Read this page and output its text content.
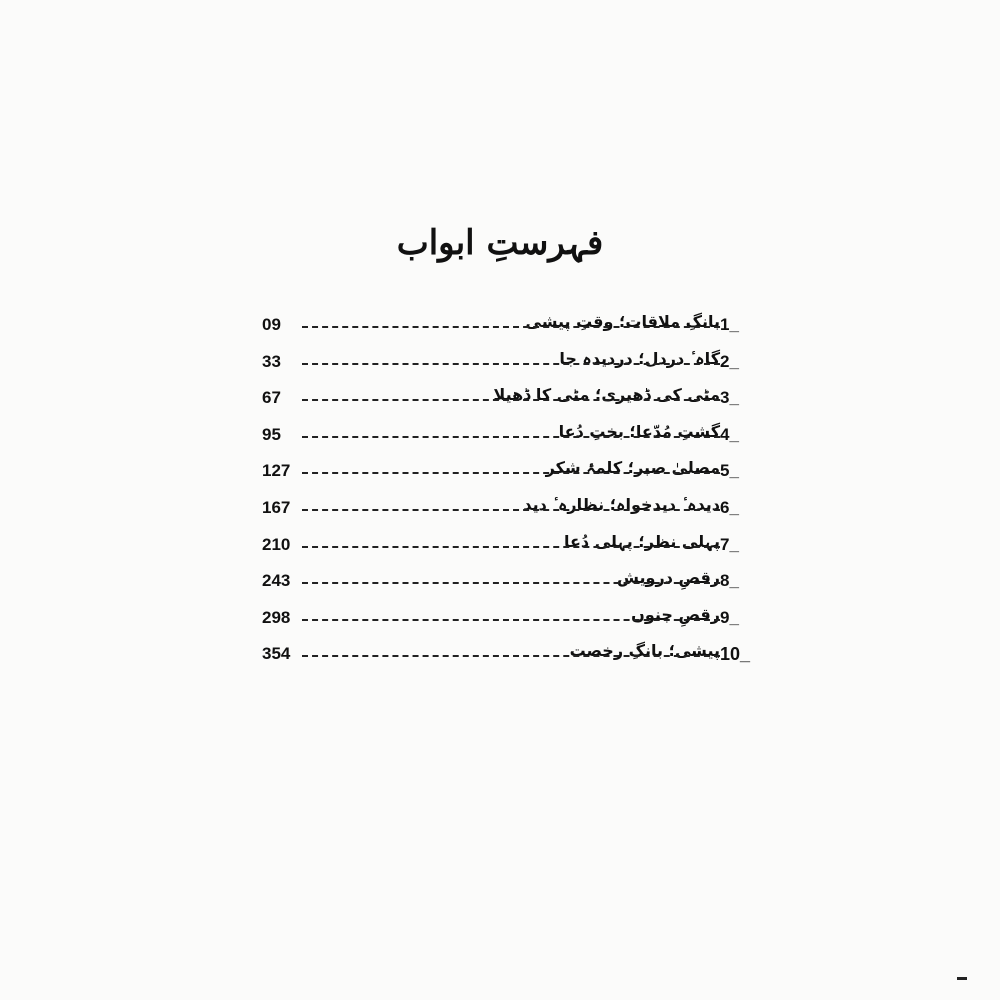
فہرستِ ابواب
1_
بانگِ ملاقات؛ وقتِ پیشی
09
2_
گاہ ٔ دردل؛ دردیدہ جا
33
3_
مٹی کی ڈھیری؛ مٹی کا ڈھیلا
67
4_
گشتِ مُدّعا؛ بختِ دُعا
95
5_
مصلیٰ صبر؛ کلمۂ شکر
127
6_
دیدہ ٔ دیدخواہ؛ نظارہ ٔ دید
167
7_
پہلی نظر؛ پہلی دُعا
210
8_
رقصِ درویش
243
9_
رقصِ جنوں
298
10_
پیشی؛ بانگِ رخصت
354
